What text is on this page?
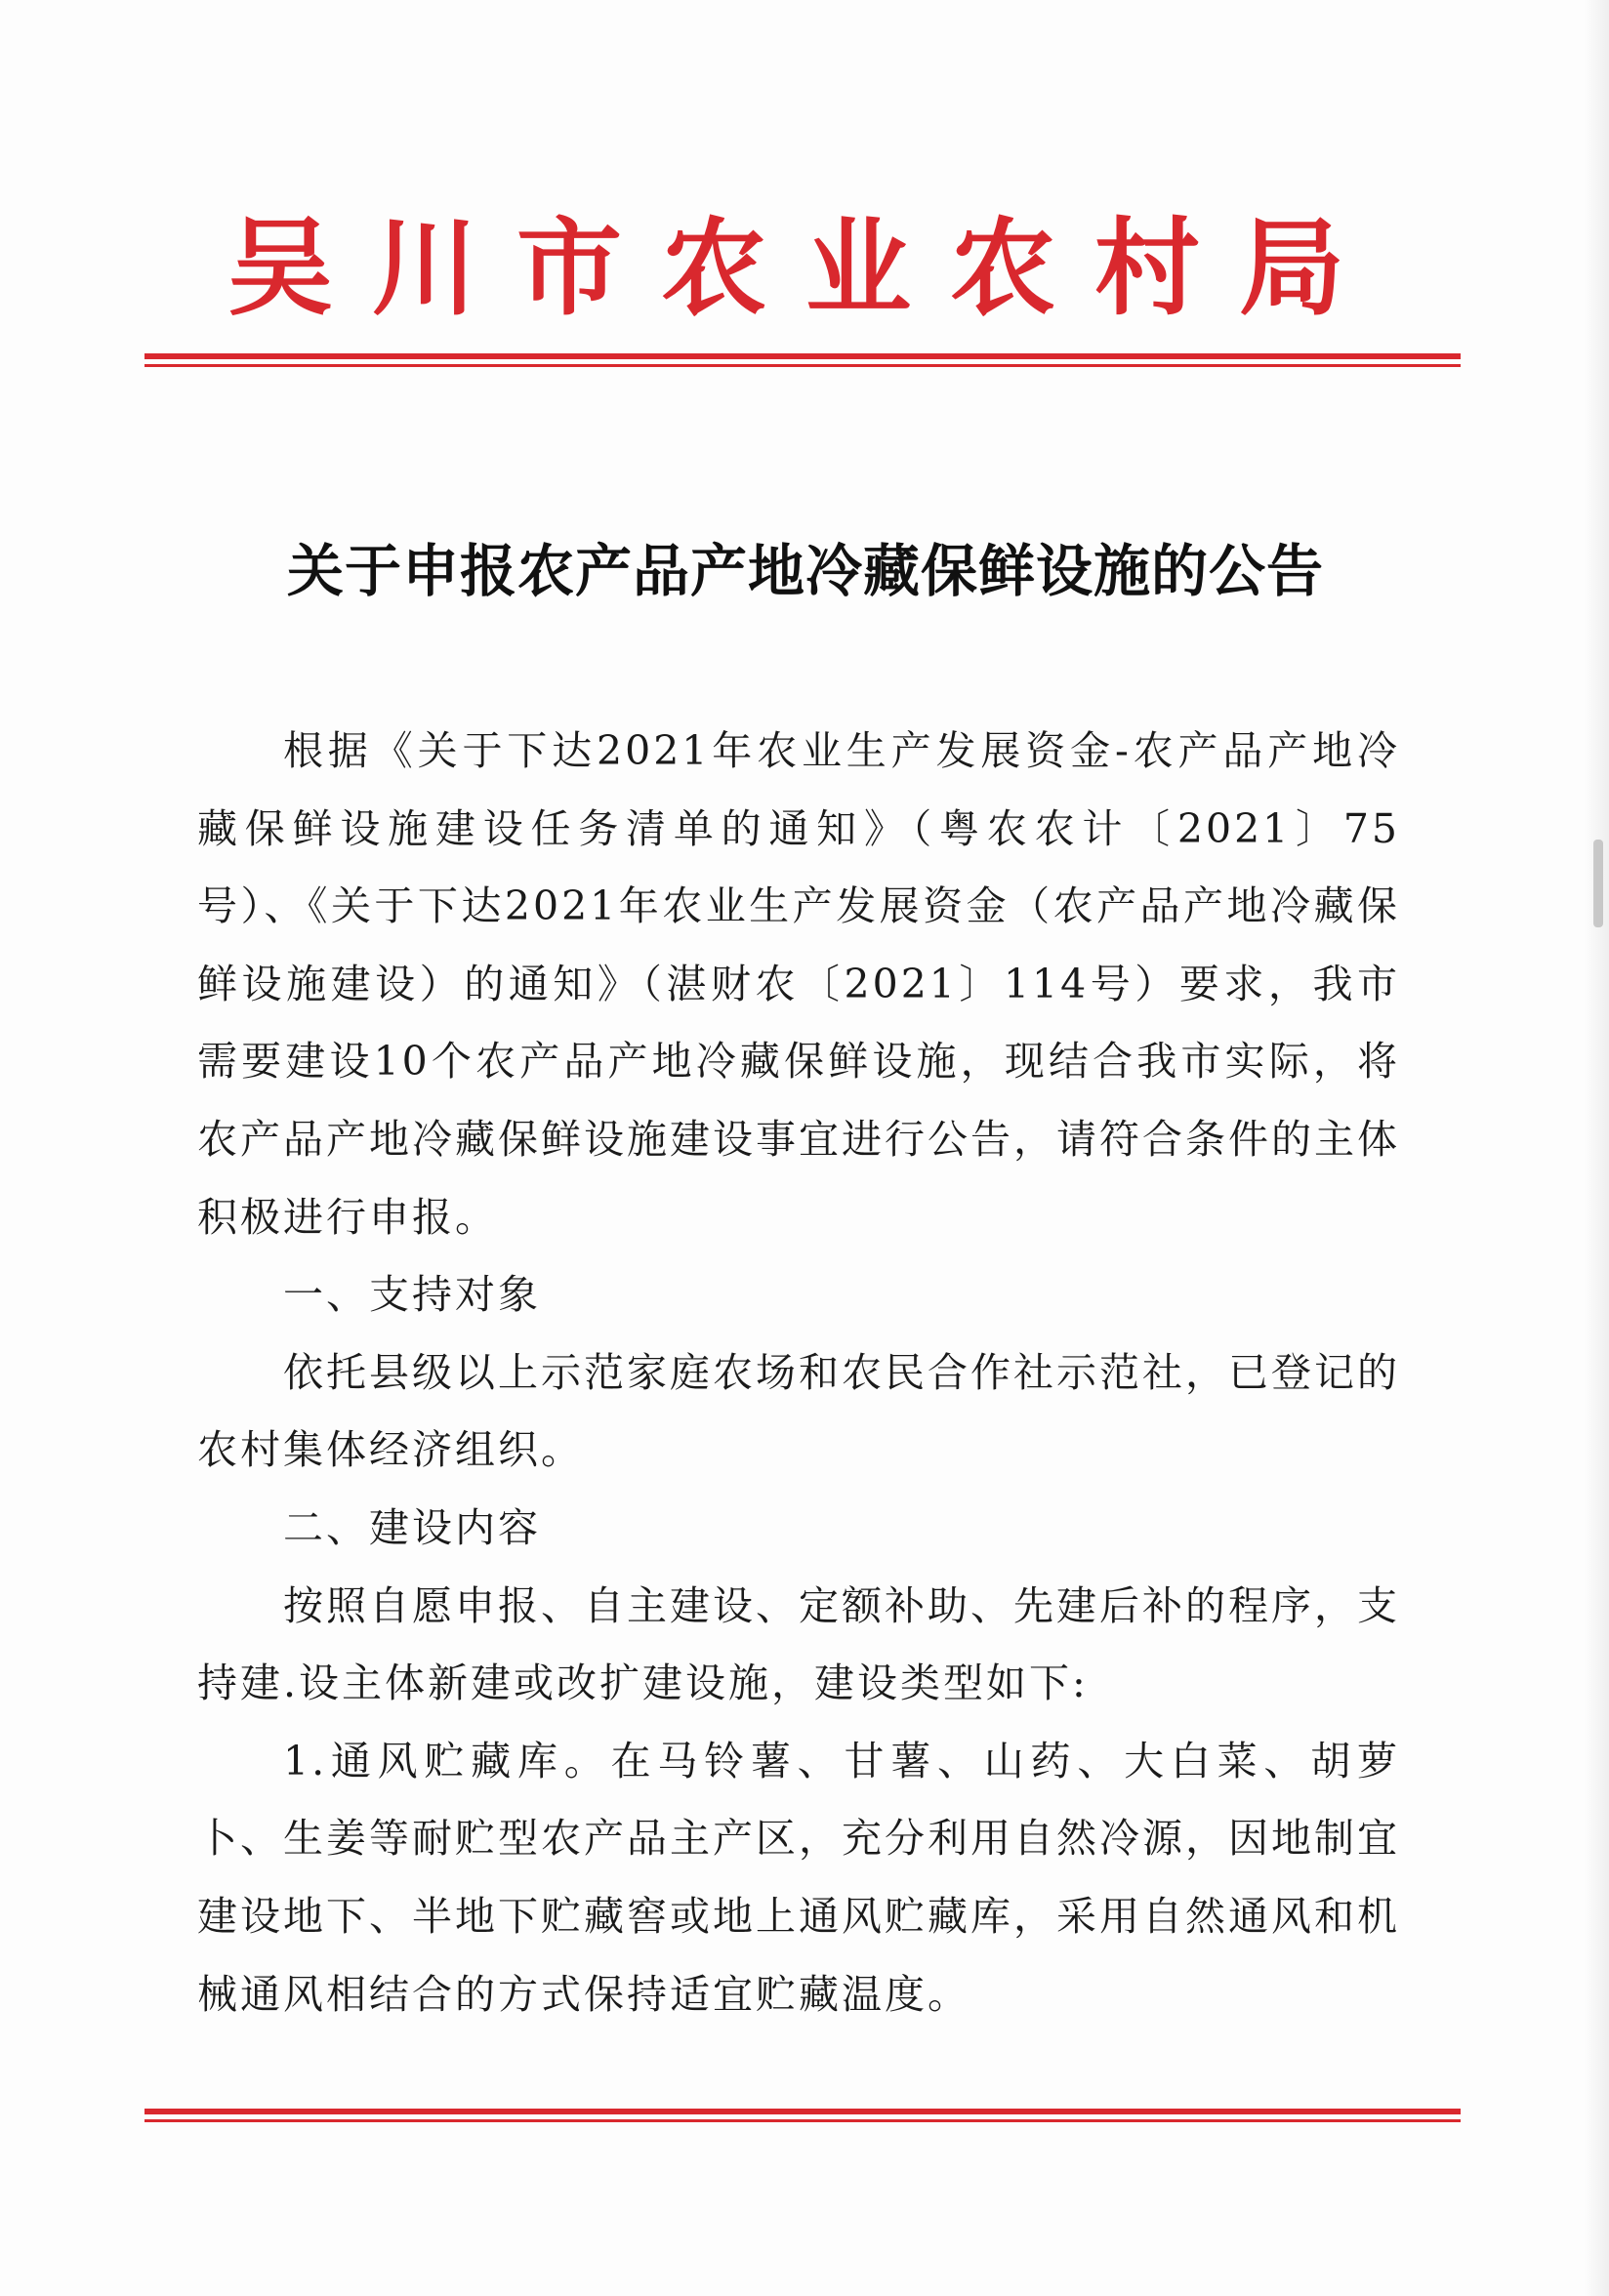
吴川市农业农村局
关于申报农产品产地冷藏保鲜设施的公告

根据《关于下达2021年农业生产发展资金-农产品产地冷藏保鲜设施建设任务清单的通知》（粤农农计〔2021〕75号）、《关于下达2021年农业生产发展资金（农产品产地冷藏保鲜设施建设）的通知》（湛财农〔2021〕114号）要求，我市需要建设10个农产品产地冷藏保鲜设施，现结合我市实际，将农产品产地冷藏保鲜设施建设事宜进行公告，请符合条件的主体积极进行申报。

一、支持对象

依托县级以上示范家庭农场和农民合作社示范社，已登记的农村集体经济组织。

二、建设内容

按照自愿申报、自主建设、定额补助、先建后补的程序，支持建.设主体新建或改扩建设施，建设类型如下:

1.通风贮藏库。在马铃薯、甘薯、山药、大白菜、胡萝卜、生姜等耐贮型农产品主产区，充分利用自然冷源，因地制宜建设地下、半地下贮藏窖或地上通风贮藏库，采用自然通风和机械通风相结合的方式保持适宜贮藏温度。
